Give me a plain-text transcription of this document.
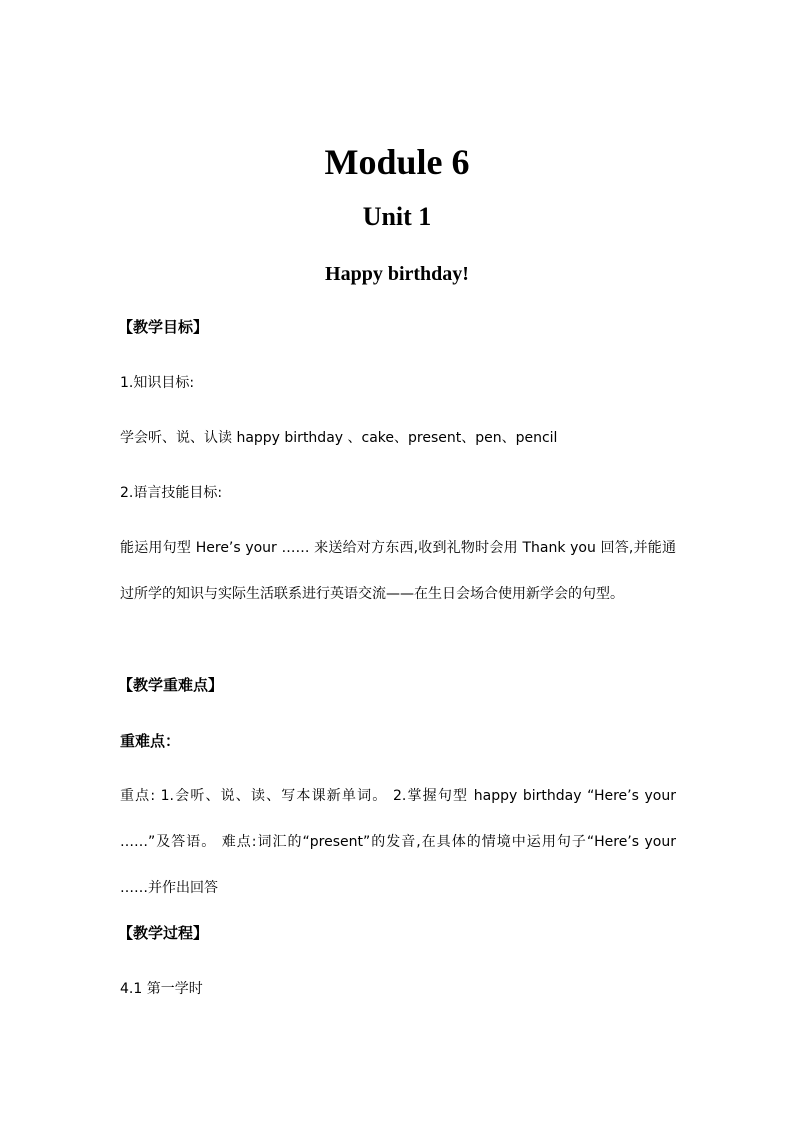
Module 6
Unit 1
Happy birthday!
【教学目标】
1.知识目标:
学会听、说、认读 happy birthday 、cake、present、pen、pencil
2.语言技能目标:
能运用句型 Here’s your …… 来送给对方东西,收到礼物时会用 Thank you 回答,并能通过所学的知识与实际生活联系进行英语交流——在生日会场合使用新学会的句型。
【教学重难点】
重难点：
重点: 1.会听、说、读、写本课新单词。 2.掌握句型 happy birthday “Here’s your ……”及答语。 难点:词汇的“present”的发音,在具体的情境中运用句子“Here’s your ……并作出回答
【教学过程】
4.1 第一学时
